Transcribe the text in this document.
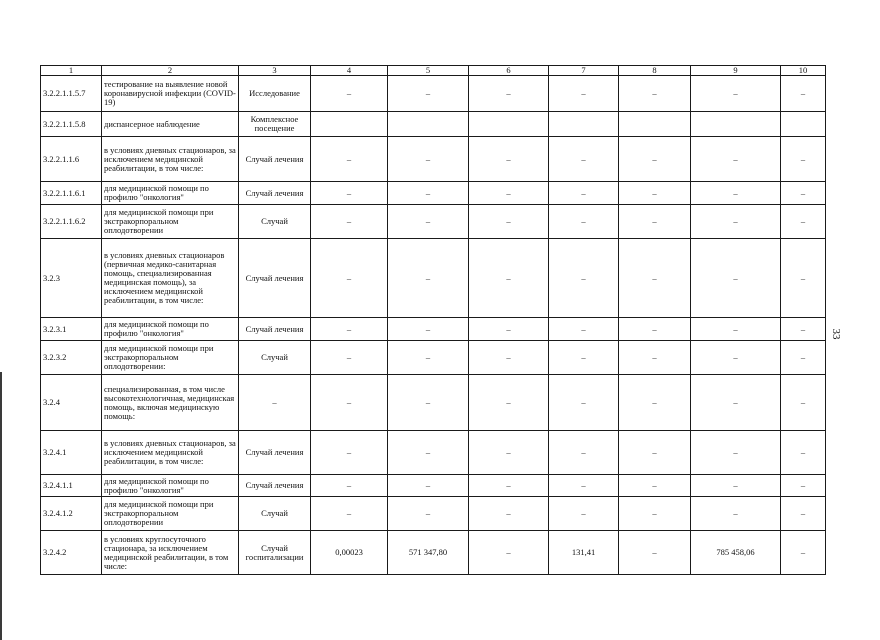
1	2	3	4	5	6	7	8	9	10
3.2.2.1.1.5.7	тестирование на выявление новой коронавирусной инфекции (COVID-19)	Исследование	–	–	–	–	–	–	–
3.2.2.1.1.5.8	диспансерное наблюдение	Комплексное посещение							
3.2.2.1.1.6	в условиях дневных стационаров, за исключением медицинской реабилитации, в том числе:	Случай лечения	–	–	–	–	–	–	–
3.2.2.1.1.6.1	для медицинской помощи по профилю "онкология"	Случай лечения	–	–	–	–	–	–	–
3.2.2.1.1.6.2	для медицинской помощи при экстракорпоральном оплодотворении	Случай	–	–	–	–	–	–	–
3.2.3	в условиях дневных стационаров (первичная медико-санитарная помощь, специализированная медицинская помощь), за исключением медицинской реабилитации, в том числе:	Случай лечения	–	–	–	–	–	–	–
3.2.3.1	для медицинской помощи по профилю "онкология"	Случай лечения	–	–	–	–	–	–	–
3.2.3.2	для медицинской помощи при экстракорпоральном оплодотворении:	Случай	–	–	–	–	–	–	–
3.2.4	специализированная, в том числе высокотехнологичная, медицинская помощь, включая медицинскую помощь:	–	–	–	–	–	–	–	–
3.2.4.1	в условиях дневных стационаров, за исключением медицинской реабилитации, в том числе:	Случай лечения	–	–	–	–	–	–	–
3.2.4.1.1	для медицинской помощи по профилю "онкология"	Случай лечения	–	–	–	–	–	–	–
3.2.4.1.2	для медицинской помощи при экстракорпоральном оплодотворении	Случай	–	–	–	–	–	–	–
3.2.4.2	в условиях круглосуточного стационара, за исключением медицинской реабилитации, в том числе:	Случай госпитализации	0,00023	571 347,80	–	131,41	–	785 458,06	–
33
